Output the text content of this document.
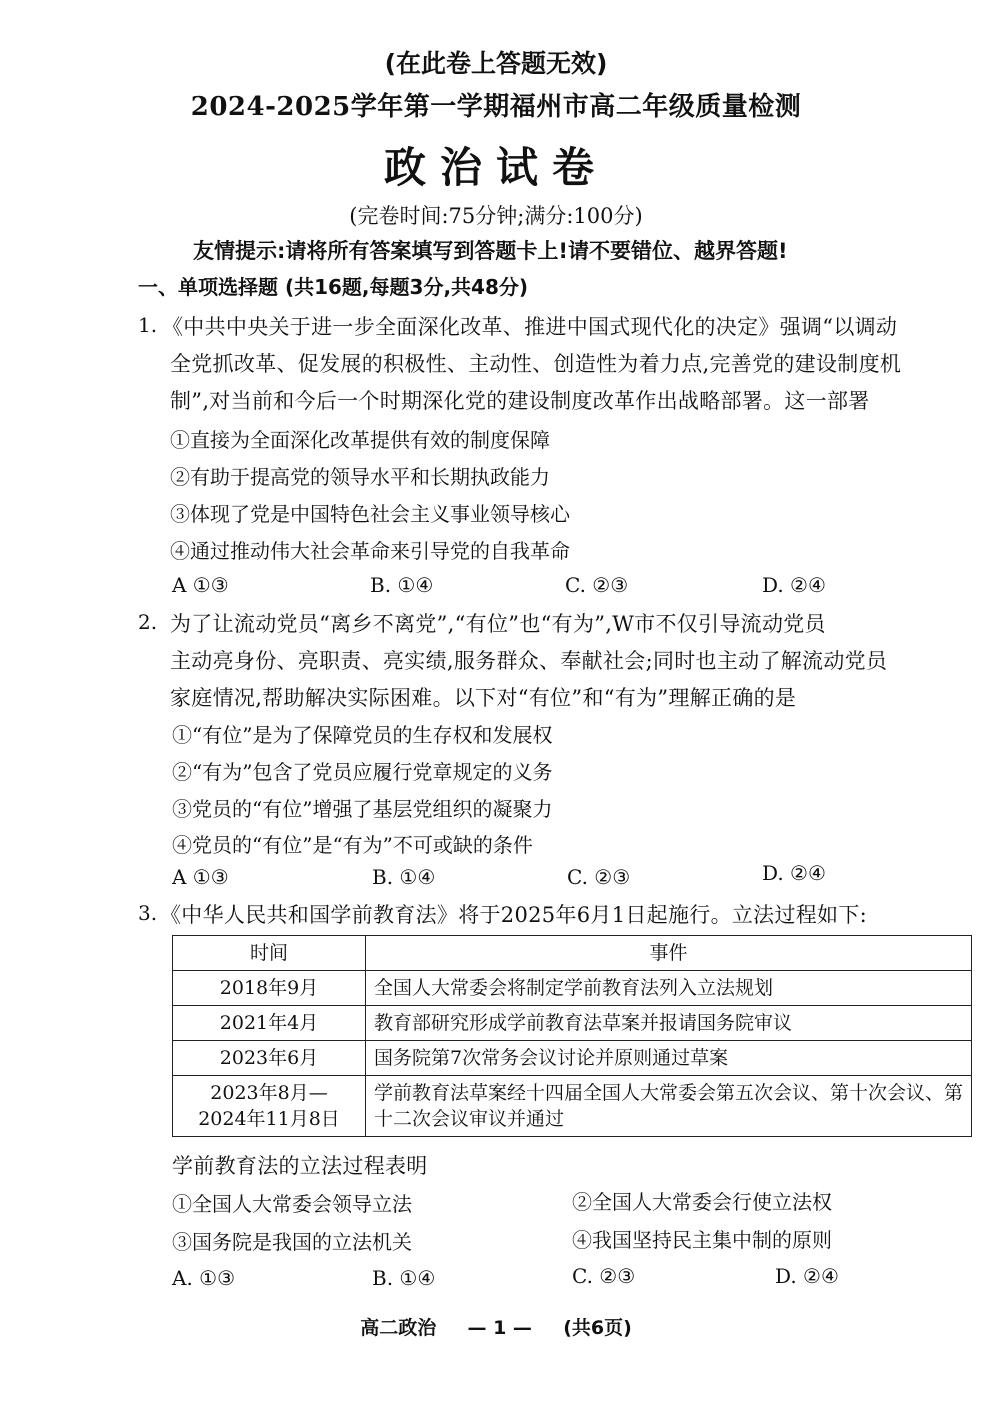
(在此卷上答题无效)
2024-2025学年第一学期福州市高二年级质量检测
政治试卷
(完卷时间:75分钟;满分:100分)
友情提示:请将所有答案填写到答题卡上!请不要错位、越界答题!
一、单项选择题 (共16题,每题3分,共48分)
1. 《中共中央关于进一步全面深化改革、推进中国式现代化的决定》强调“以调动
全党抓改革、促发展的积极性、主动性、创造性为着力点,完善党的建设制度机
制”,对当前和今后一个时期深化党的建设制度改革作出战略部署。这一部署
①直接为全面深化改革提供有效的制度保障
②有助于提高党的领导水平和长期执政能力
③体现了党是中国特色社会主义事业领导核心
④通过推动伟大社会革命来引导党的自我革命
A ①③	B. ①④	C. ②③	D. ②④
2. 为了让流动党员“离乡不离党”,“有位”也“有为”,W市不仅引导流动党员
主动亮身份、亮职责、亮实绩,服务群众、奉献社会;同时也主动了解流动党员
家庭情况,帮助解决实际困难。以下对“有位”和“有为”理解正确的是
①“有位”是为了保障党员的生存权和发展权
②“有为”包含了党员应履行党章规定的义务
③党员的“有位”增强了基层党组织的凝聚力
④党员的“有位”是“有为”不可或缺的条件
A ①③	B. ①④	C. ②③	D. ②④
3. 《中华人民共和国学前教育法》将于2025年6月1日起施行。立法过程如下:
时间	事件
2018年9月	全国人大常委会将制定学前教育法列入立法规划
2021年4月	教育部研究形成学前教育法草案并报请国务院审议
2023年6月	国务院第7次常务会议讨论并原则通过草案
2023年8月—
2024年11月8日	学前教育法草案经十四届全国人大常委会第五次会议、第十次会议、第十二次会议审议并通过
学前教育法的立法过程表明
①全国人大常委会领导立法	②全国人大常委会行使立法权
③国务院是我国的立法机关	④我国坚持民主集中制的原则
A. ①③	B. ①④	C. ②③	D. ②④
高二政治 — 1 — (共6页)
